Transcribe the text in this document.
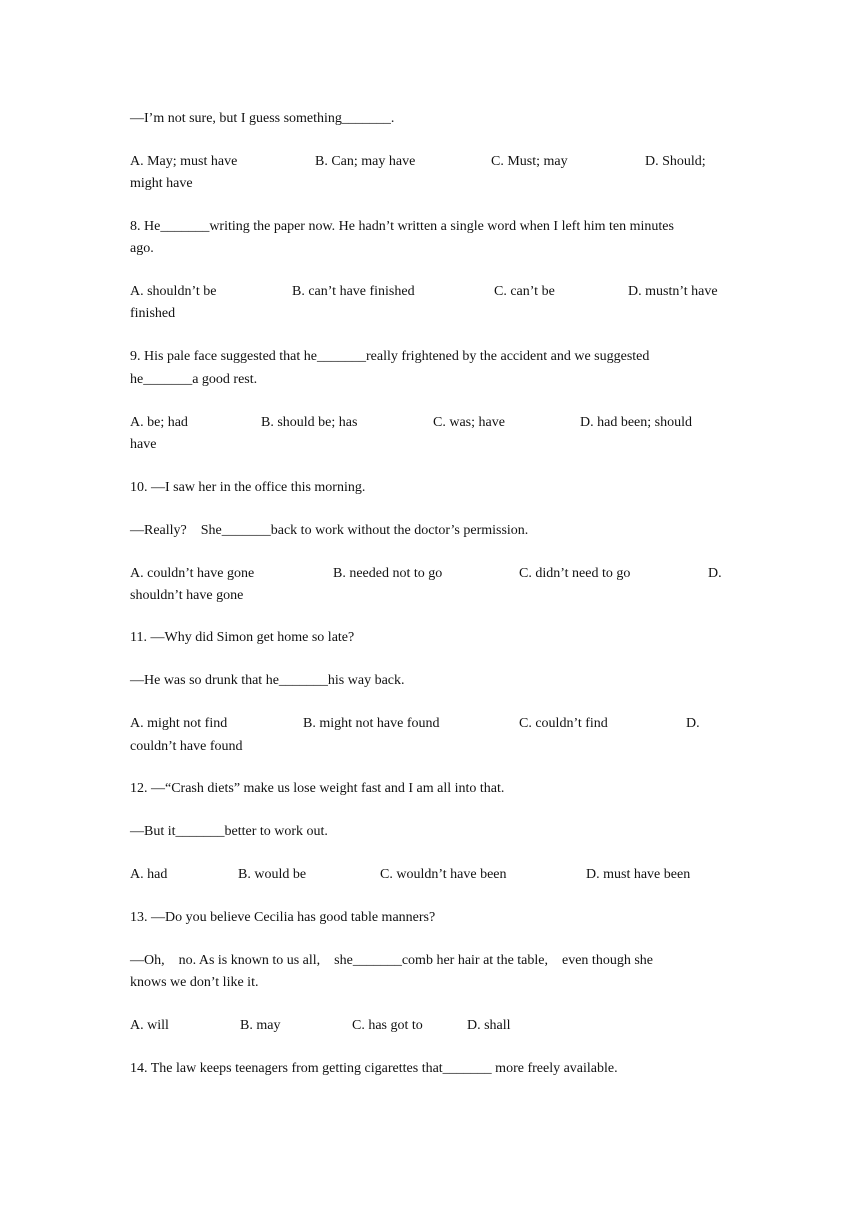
—I’m not sure, but I guess something_______.
A. May; must have	B. Can; may have	C. Must; may	D. Should;
might have
8. He_______writing the paper now. He hadn’t written a single word when I left him ten minutes
ago.
A. shouldn’t be	B. can’t have finished	C. can’t be	D. mustn’t have
finished
9. His pale face suggested that he_______really frightened by the accident and we suggested
he_______a good rest.
A. be; had	B. should be; has	C. was; have	D. had been; should
have
10. —I saw her in the office this morning.
—Really?    She_______back to work without the doctor’s permission.
A. couldn’t have gone	B. needed not to go	C. didn’t need to go	D.
shouldn’t have gone
11. —Why did Simon get home so late?
—He was so drunk that he_______his way back.
A. might not find	B. might not have found	C. couldn’t find	D.
couldn’t have found
12. —“Crash diets” make us lose weight fast and I am all into that.
—But it_______better to work out.
A. had	B. would be	C. wouldn’t have been	D. must have been
13. —Do you believe Cecilia has good table manners?
—Oh,    no. As is known to us all,    she_______comb her hair at the table,    even though she
knows we don’t like it.
A. will	B. may	C. has got to	D. shall
14. The law keeps teenagers from getting cigarettes that_______ more freely available.
